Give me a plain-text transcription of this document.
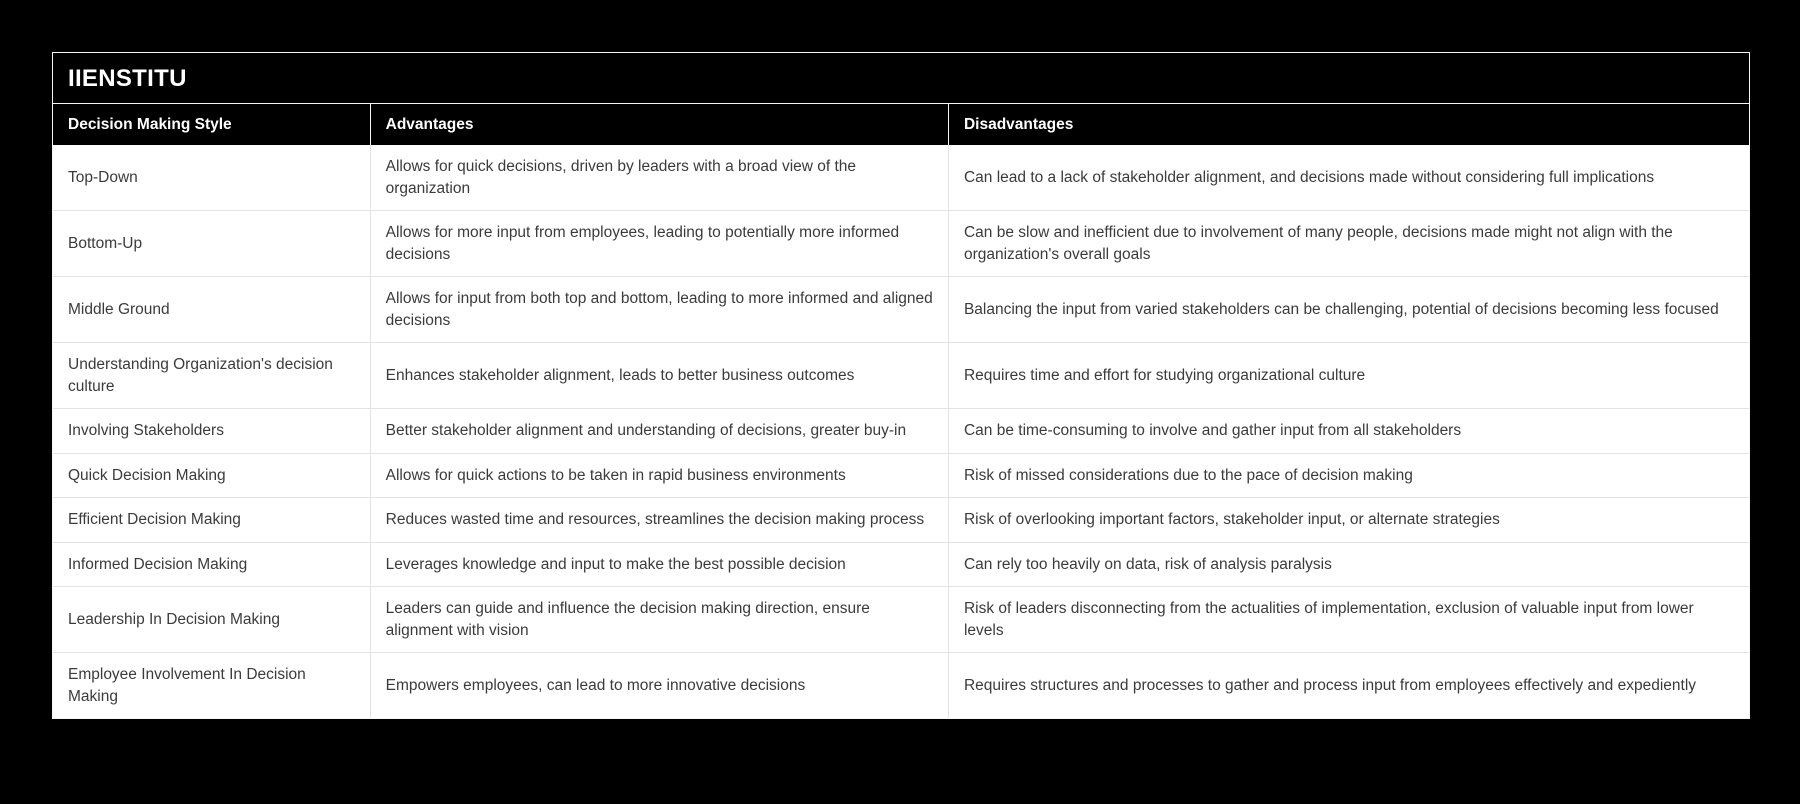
IIENSTITU
Decision Making Style	Advantages	Disadvantages
Top-Down	Allows for quick decisions, driven by leaders with a broad view of the organization	Can lead to a lack of stakeholder alignment, and decisions made without considering full implications
Bottom-Up	Allows for more input from employees, leading to potentially more informed decisions	Can be slow and inefficient due to involvement of many people, decisions made might not align with the organization's overall goals
Middle Ground	Allows for input from both top and bottom, leading to more informed and aligned decisions	Balancing the input from varied stakeholders can be challenging, potential of decisions becoming less focused
Understanding Organization's decision culture	Enhances stakeholder alignment, leads to better business outcomes	Requires time and effort for studying organizational culture
Involving Stakeholders	Better stakeholder alignment and understanding of decisions, greater buy-in	Can be time-consuming to involve and gather input from all stakeholders
Quick Decision Making	Allows for quick actions to be taken in rapid business environments	Risk of missed considerations due to the pace of decision making
Efficient Decision Making	Reduces wasted time and resources, streamlines the decision making process	Risk of overlooking important factors, stakeholder input, or alternate strategies
Informed Decision Making	Leverages knowledge and input to make the best possible decision	Can rely too heavily on data, risk of analysis paralysis
Leadership In Decision Making	Leaders can guide and influence the decision making direction, ensure alignment with vision	Risk of leaders disconnecting from the actualities of implementation, exclusion of valuable input from lower levels
Employee Involvement In Decision Making	Empowers employees, can lead to more innovative decisions	Requires structures and processes to gather and process input from employees effectively and expediently
